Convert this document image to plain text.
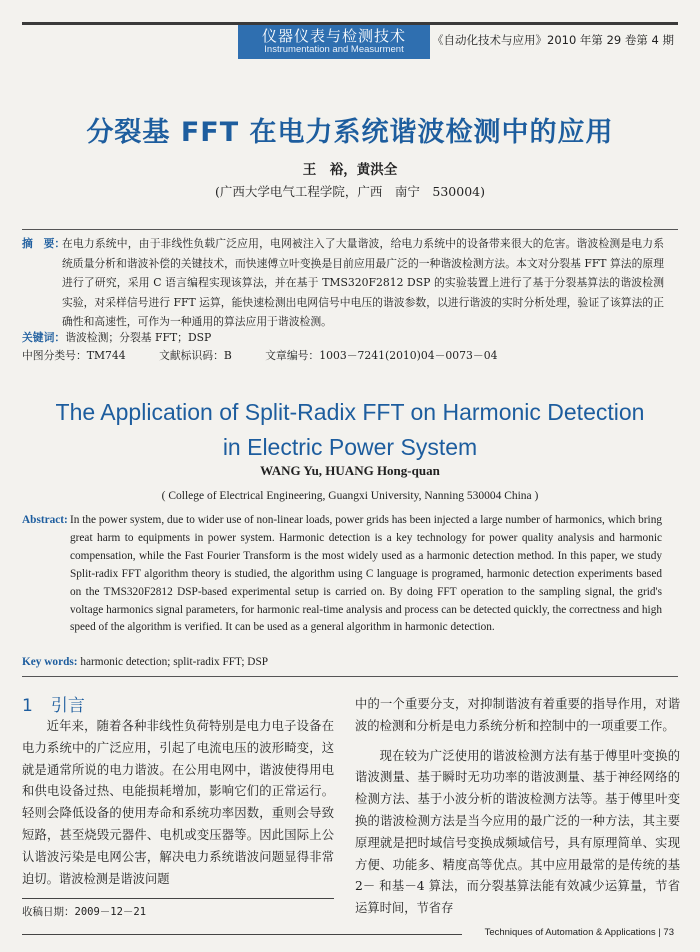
仪器仪表与检测技术
Instrumentation and Measurment
《自动化技术与应用》2010 年第 29 卷第 4 期
分裂基 FFT 在电力系统谐波检测中的应用
王　裕，黄洪全
(广西大学电气工程学院，广西　南宁　530004)
摘　要：
在电力系统中，由于非线性负载广泛应用，电网被注入了大量谐波，给电力系统中的设备带来很大的危害。谐波检测是电力系统质量分析和谐波补偿的关键技术，而快速傅立叶变换是目前应用最广泛的一种谐波检测方法。本文对分裂基 FFT 算法的原理进行了研究，采用 C 语言编程实现该算法，并在基于 TMS320F2812 DSP 的实验装置上进行了基于分裂基算法的谐波检测实验，对采样信号进行 FFT 运算，能快速检测出电网信号中电压的谐波参数，以进行谐波的实时分析处理，验证了该算法的正确性和高速性，可作为一种通用的算法应用于谐波检测。
关键词：谐波检测；分裂基 FFT；DSP
中图分类号：TM744	文献标识码：B	文章编号：1003－7241(2010)04－0073－04
The Application of Split-Radix FFT on Harmonic Detection
in Electric Power System
WANG Yu, HUANG Hong-quan
( College of Electrical Engineering, Guangxi University, Nanning 530004 China )
Abstract: In the power system, due to wider use of non-linear loads, power grids has been injected a large number of harmonics, which bring great harm to equipments in power system. Harmonic detection is a key technology for power quality analysis and harmonic compensation, while the Fast Fourier Transform is the most widely used as a harmonic detection method. In this paper, we study Split-radix FFT algorithm theory is studied, the algorithm using C language is programed, harmonic detection experiments based on the TMS320F2812 DSP-based experimental setup is carried on. By doing FFT operation to the sampling signal, the grid's voltage harmonics signal parameters, for harmonic real-time analysis and process can be detected quickly, the correctness and high speed of the algorithm is verified. It can be used as a general algorithm in harmonic detection.
Key words: harmonic detection; split-radix FFT; DSP
1 引言

近年来，随着各种非线性负荷特别是电力电子设备在电力系统中的广泛应用，引起了电流电压的波形畸变，这就是通常所说的电力谐波。在公用电网中，谐波使得用电和供电设备过热、电能损耗增加，影响它们的正常运行。轻则会降低设备的使用寿命和系统功率因数，重则会导致短路，甚至烧毁元器件、电机或变压器等。因此国际上公认谐波污染是电网公害，解决电力系统谐波问题显得非常迫切。谐波检测是谐波问题

中的一个重要分支，对抑制谐波有着重要的指导作用，对谐波的检测和分析是电力系统分析和控制中的一项重要工作。

现在较为广泛使用的谐波检测方法有基于傅里叶变换的谐波测量、基于瞬时无功功率的谐波测量、基于神经网络的检测方法、基于小波分析的谐波检测方法等。基于傅里叶变换的谐波检测方法是当今应用的最广泛的一种方法，其主要原理就是把时域信号变换成频域信号，具有原理简单、实现方便、功能多、精度高等优点。其中应用最常的是传统的基 2－ 和基－4 算法，而分裂基算法能有效减少运算量，节省运算时间，节省存

收稿日期：2009－12－21
Techniques of Automation & Applications | 73
